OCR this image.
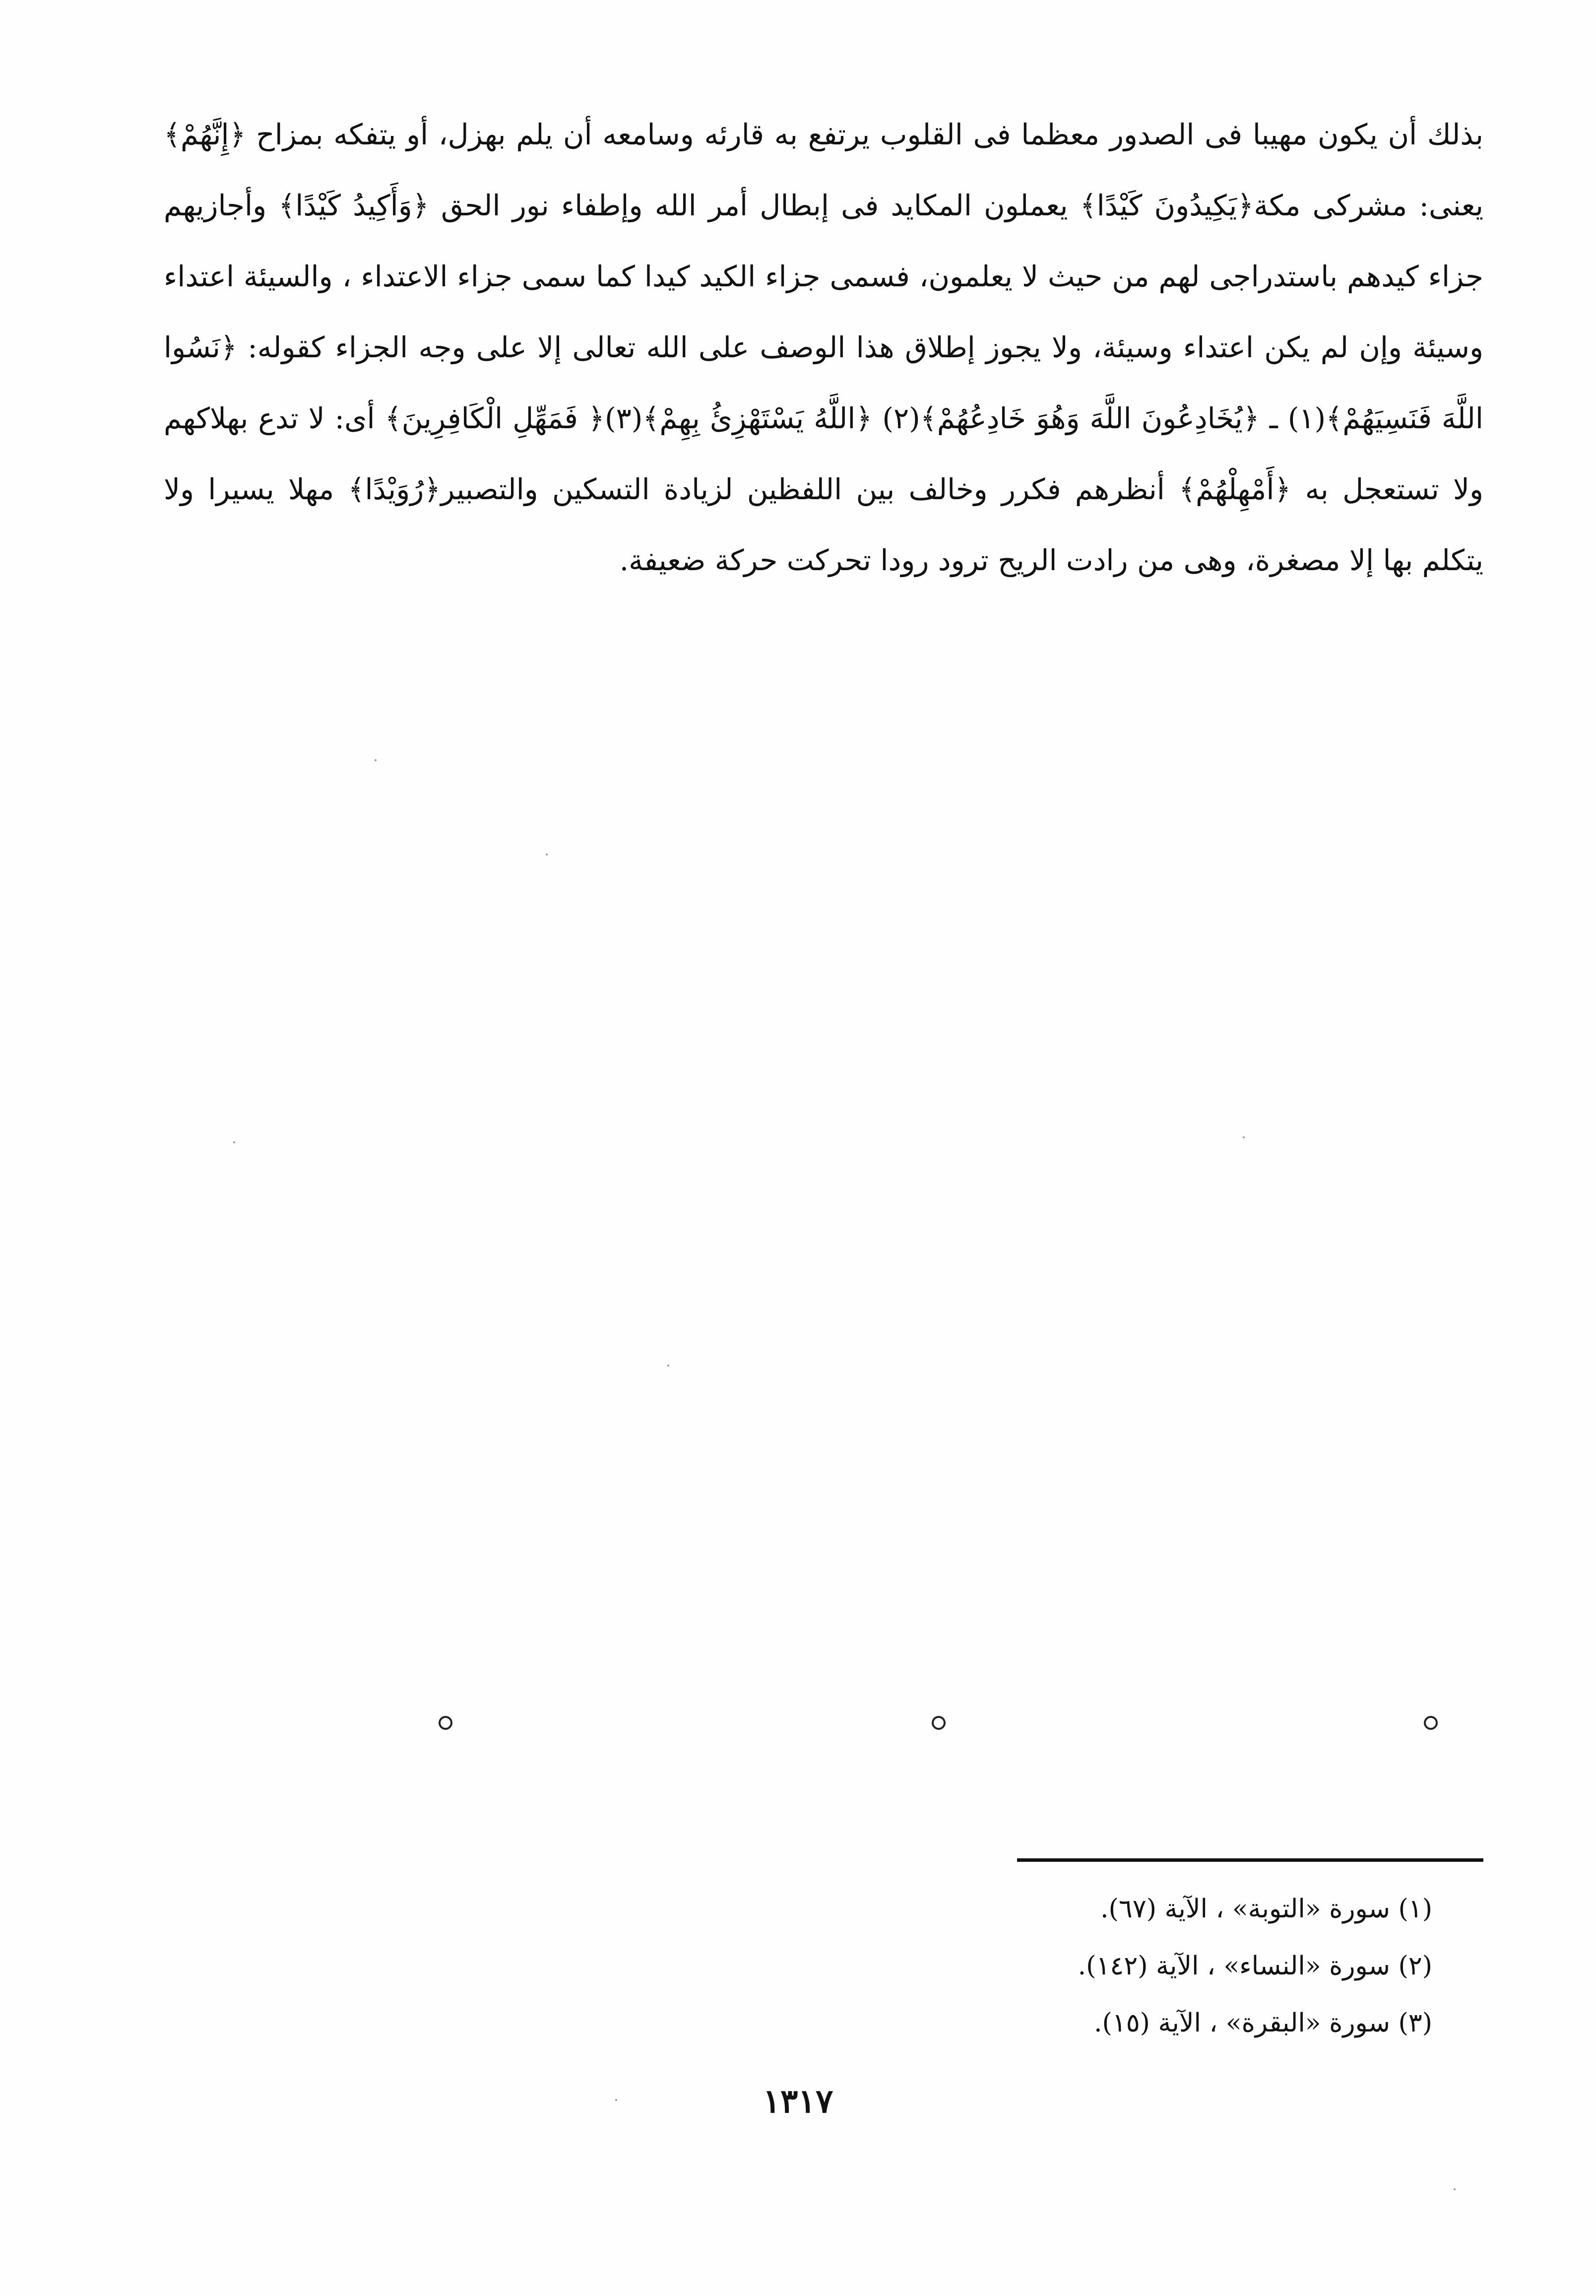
بذلك أن يكون مهيبا فى الصدور معظما فى القلوب يرتفع به قارئه وسامعه أن يلم بهزل، أو يتفكه بمزاح ﴿إِنَّهُمْ﴾ يعنى: مشركى مكة﴿يَكِيدُونَ كَيْدًا﴾ يعملون المكايد فى إبطال أمر الله وإطفاء نور الحق ﴿وَأَكِيدُ كَيْدًا﴾ وأجازيهم جزاء كيدهم باستدراجى لهم من حيث لا يعلمون، فسمى جزاء الكيد كيدا كما سمى جزاء الاعتداء ، والسيئة اعتداء وسيئة وإن لم يكن اعتداء وسيئة، ولا يجوز إطلاق هذا الوصف على الله تعالى إلا على وجه الجزاء كقوله: ﴿نَسُوا اللَّهَ فَنَسِيَهُمْ﴾(١) ـ ﴿يُخَادِعُونَ اللَّهَ وَهُوَ خَادِعُهُمْ﴾(٢) ﴿اللَّهُ يَسْتَهْزِئُ بِهِمْ﴾(٣)﴿ فَمَهِّلِ الْكَافِرِينَ﴾ أى: لا تدع بهلاكهم ولا تستعجل به ﴿أَمْهِلْهُمْ﴾ أنظرهم فكرر وخالف بين اللفظين لزيادة التسكين والتصبير﴿رُوَيْدًا﴾ مهلا يسيرا ولا يتكلم بها إلا مصغرة، وهى من رادت الريح ترود رودا تحركت حركة ضعيفة.

(١) سورة «التوبة» ، الآية (٦٧).

(٢) سورة «النساء» ، الآية (١٤٢).

(٣) سورة «البقرة» ، الآية (١٥).

١٣١٧
